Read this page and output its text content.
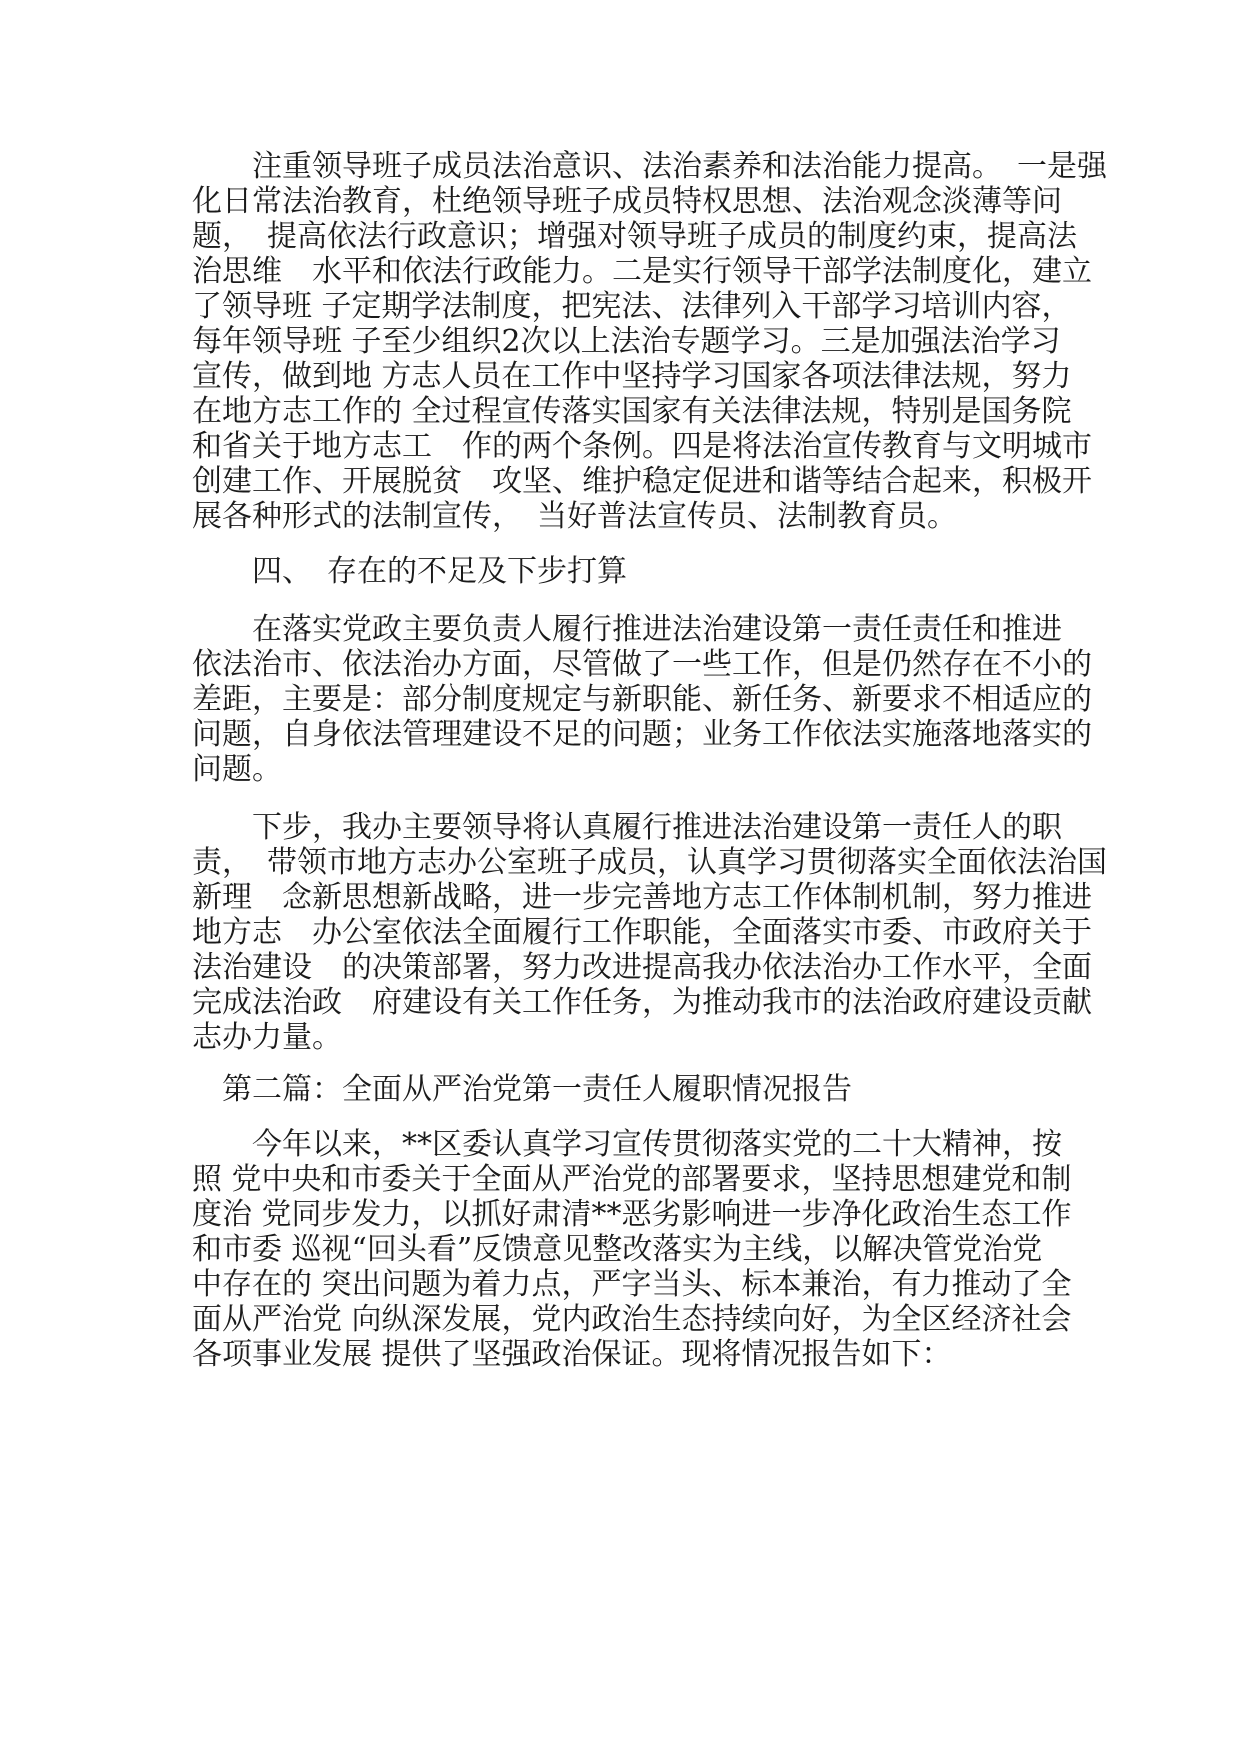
　　注重领导班子成员法治意识、法治素养和法治能力提高。　一是强
化日常法治教育，杜绝领导班子成员特权思想、法治观念淡薄等问
题，　提高依法行政意识；增强对领导班子成员的制度约束，提高法
治思维　水平和依法行政能力。二是实行领导干部学法制度化，建立
了领导班 子定期学法制度，把宪法、法律列入干部学习培训内容，
每年领导班 子至少组织2次以上法治专题学习。三是加强法治学习
宣传，做到地 方志人员在工作中坚持学习国家各项法律法规，努力
在地方志工作的 全过程宣传落实国家有关法律法规，特别是国务院
和省关于地方志工　作的两个条例。四是将法治宣传教育与文明城市
创建工作、开展脱贫　攻坚、维护稳定促进和谐等结合起来，积极开
展各种形式的法制宣传，　当好普法宣传员、法制教育员。
　　四、　存在的不足及下步打算
　　在落实党政主要负责人履行推进法治建设第一责任责任和推进
依法治市、依法治办方面，尽管做了一些工作，但是仍然存在不小的
差距，主要是：部分制度规定与新职能、新任务、新要求不相适应的
问题，自身依法管理建设不足的问题；业务工作依法实施落地落实的
问题。
　　下步，我办主要领导将认真履行推进法治建设第一责任人的职
责，　带领市地方志办公室班子成员，认真学习贯彻落实全面依法治国
新理　念新思想新战略，进一步完善地方志工作体制机制，努力推进
地方志　办公室依法全面履行工作职能，全面落实市委、市政府关于
法治建设　的决策部署，努力改进提高我办依法治办工作水平，全面
完成法治政　府建设有关工作任务，为推动我市的法治政府建设贡献
志办力量。
　第二篇：全面从严治党第一责任人履职情况报告
　　今年以来，**区委认真学习宣传贯彻落实党的二十大精神，按
照 党中央和市委关于全面从严治党的部署要求，坚持思想建党和制
度治 党同步发力，以抓好肃清**恶劣影响进一步净化政治生态工作
和市委 巡视“回头看”反馈意见整改落实为主线，以解决管党治党
中存在的 突出问题为着力点，严字当头、标本兼治，有力推动了全
面从严治党 向纵深发展，党内政治生态持续向好，为全区经济社会
各项事业发展 提供了坚强政治保证。现将情况报告如下：
